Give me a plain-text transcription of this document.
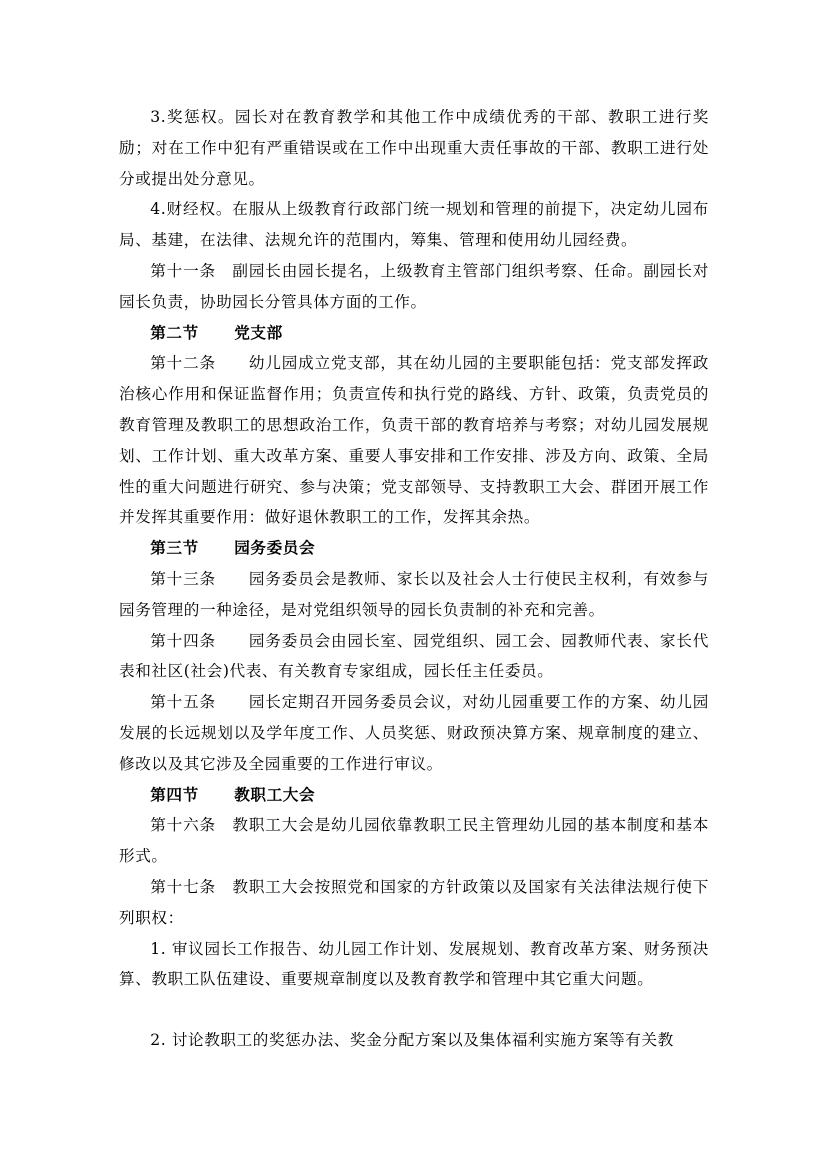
3.奖惩权。园长对在教育教学和其他工作中成绩优秀的干部、教职工进行奖励；对在工作中犯有严重错误或在工作中出现重大责任事故的干部、教职工进行处分或提出处分意见。

4.财经权。在服从上级教育行政部门统一规划和管理的前提下，决定幼儿园布局、基建，在法律、法规允许的范围内，筹集、管理和使用幼儿园经费。

第十一条　副园长由园长提名，上级教育主管部门组织考察、任命。副园长对园长负责，协助园长分管具体方面的工作。

第二节 党支部

第十二条　　幼儿园成立党支部，其在幼儿园的主要职能包括：党支部发挥政治核心作用和保证监督作用；负责宣传和执行党的路线、方针、政策，负责党员的教育管理及教职工的思想政治工作，负责干部的教育培养与考察；对幼儿园发展规划、工作计划、重大改革方案、重要人事安排和工作安排、涉及方向、政策、全局性的重大问题进行研究、参与决策；党支部领导、支持教职工大会、群团开展工作并发挥其重要作用：做好退休教职工的工作，发挥其余热。

第三节 园务委员会

第十三条　　园务委员会是教师、家长以及社会人士行使民主权利，有效参与园务管理的一种途径，是对党组织领导的园长负责制的补充和完善。

第十四条　　园务委员会由园长室、园党组织、园工会、园教师代表、家长代表和社区(社会)代表、有关教育专家组成，园长任主任委员。

第十五条　　园长定期召开园务委员会议，对幼儿园重要工作的方案、幼儿园发展的长远规划以及学年度工作、人员奖惩、财政预决算方案、规章制度的建立、修改以及其它涉及全园重要的工作进行审议。

第四节 教职工大会

第十六条　教职工大会是幼儿园依靠教职工民主管理幼儿园的基本制度和基本形式。

第十七条　教职工大会按照党和国家的方针政策以及国家有关法律法规行使下列职权：

1. 审议园长工作报告、幼儿园工作计划、发展规划、教育改革方案、财务预决算、教职工队伍建设、重要规章制度以及教育教学和管理中其它重大问题。

2. 讨论教职工的奖惩办法、奖金分配方案以及集体福利实施方案等有关教
